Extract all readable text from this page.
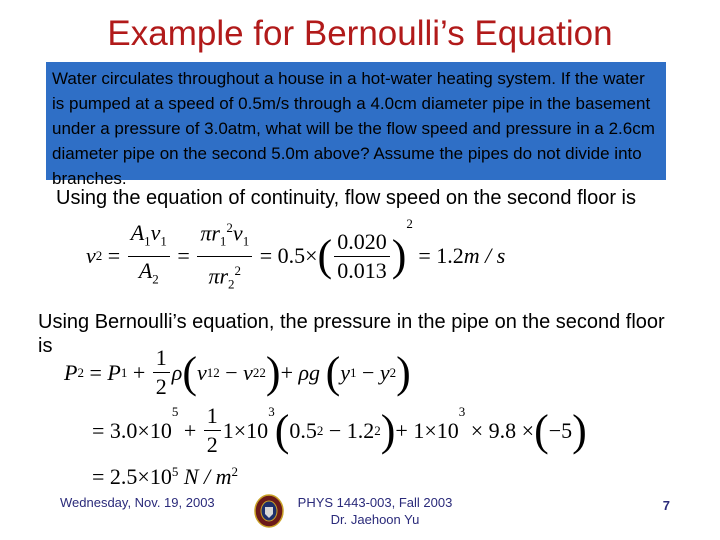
Example for Bernoulli’s Equation
Water circulates throughout a house in a hot-water heating system. If the water is pumped at a speed of 0.5m/s through a 4.0cm diameter pipe in the basement under a pressure of 3.0atm, what will be the flow speed and pressure in a 2.6cm diameter pipe on the second 5.0m above? Assume the pipes do not divide into branches.
Using the equation of continuity, flow speed on the second floor is
v $2 = \frac{A_1v_1}{A_2} = \frac{\pi r_1^2v_1}{\pi r_2^2} = 0.5$ × ( $\frac{0.020}{0.013}$ )
2
= 1.2 m / s
Using Bernoulli’s equation, the pressure in the pipe on the second floor is
P 2 = P $1 + \frac{1}{2}$ ρ ( v 1 2 − v 2 2 ) + ρg
( y 1 − y 2 )
= 3.0 ×10
$^5$
+ $\frac{1}{2} 1 \times 10$
$^3$ ( 0.5 2 − 1.2 2 ) + 1×10
$^3$
× 9.8 × ( −5 )
= $2.5 \times 10^5$
N / $m^2$
Wednesday, Nov. 19, 2003	PHYS 1443-003, Fall 2003
Dr. Jaehoon Yu
7
